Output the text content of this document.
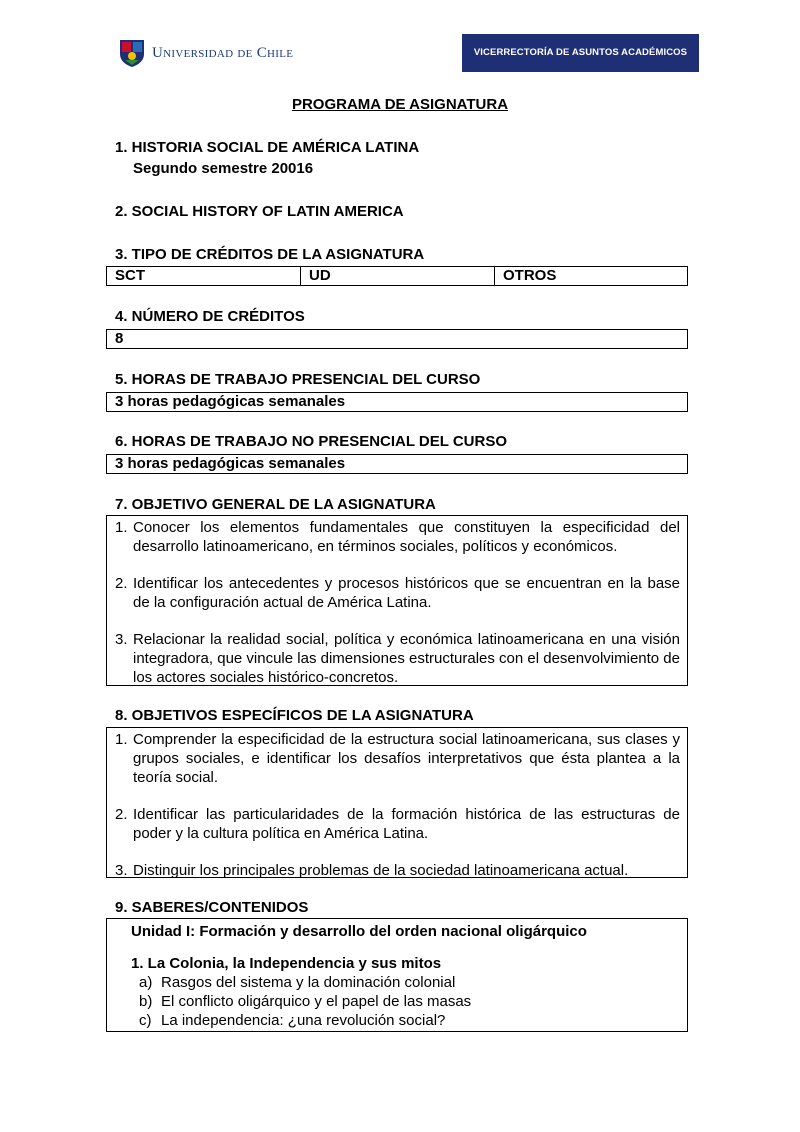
Universidad de Chile	VICERRECTORÍA DE ASUNTOS ACADÉMICOS
PROGRAMA DE ASIGNATURA
1. HISTORIA SOCIAL DE AMÉRICA LATINA
Segundo semestre 20016
2. SOCIAL HISTORY OF LATIN AMERICA
3. TIPO DE CRÉDITOS DE LA ASIGNATURA
SCT	UD	OTROS
4. NÚMERO DE CRÉDITOS
8
5. HORAS DE TRABAJO PRESENCIAL DEL CURSO
3 horas pedagógicas semanales
6. HORAS DE TRABAJO NO PRESENCIAL DEL CURSO
3 horas pedagógicas semanales
7. OBJETIVO GENERAL DE LA ASIGNATURA
1. Conocer los elementos fundamentales que constituyen la especificidad del desarrollo latinoamericano, en términos sociales, políticos y económicos.
2. Identificar los antecedentes y procesos históricos que se encuentran en la base de la configuración actual de América Latina.
3. Relacionar la realidad social, política y económica latinoamericana en una visión integradora, que vincule las dimensiones estructurales con el desenvolvimiento de los actores sociales histórico-concretos.
8. OBJETIVOS ESPECÍFICOS DE LA ASIGNATURA
1. Comprender la especificidad de la estructura social latinoamericana, sus clases y grupos sociales, e identificar los desafíos interpretativos que ésta plantea a la teoría social.
2. Identificar las particularidades de la formación histórica de las estructuras de poder y la cultura política en América Latina.
3. Distinguir los principales problemas de la sociedad latinoamericana actual.
9. SABERES/CONTENIDOS
Unidad I: Formación y desarrollo del orden nacional oligárquico
1. La Colonia, la Independencia y sus mitos
a) Rasgos del sistema y la dominación colonial
b) El conflicto oligárquico y el papel de las masas
c) La independencia: ¿una revolución social?
